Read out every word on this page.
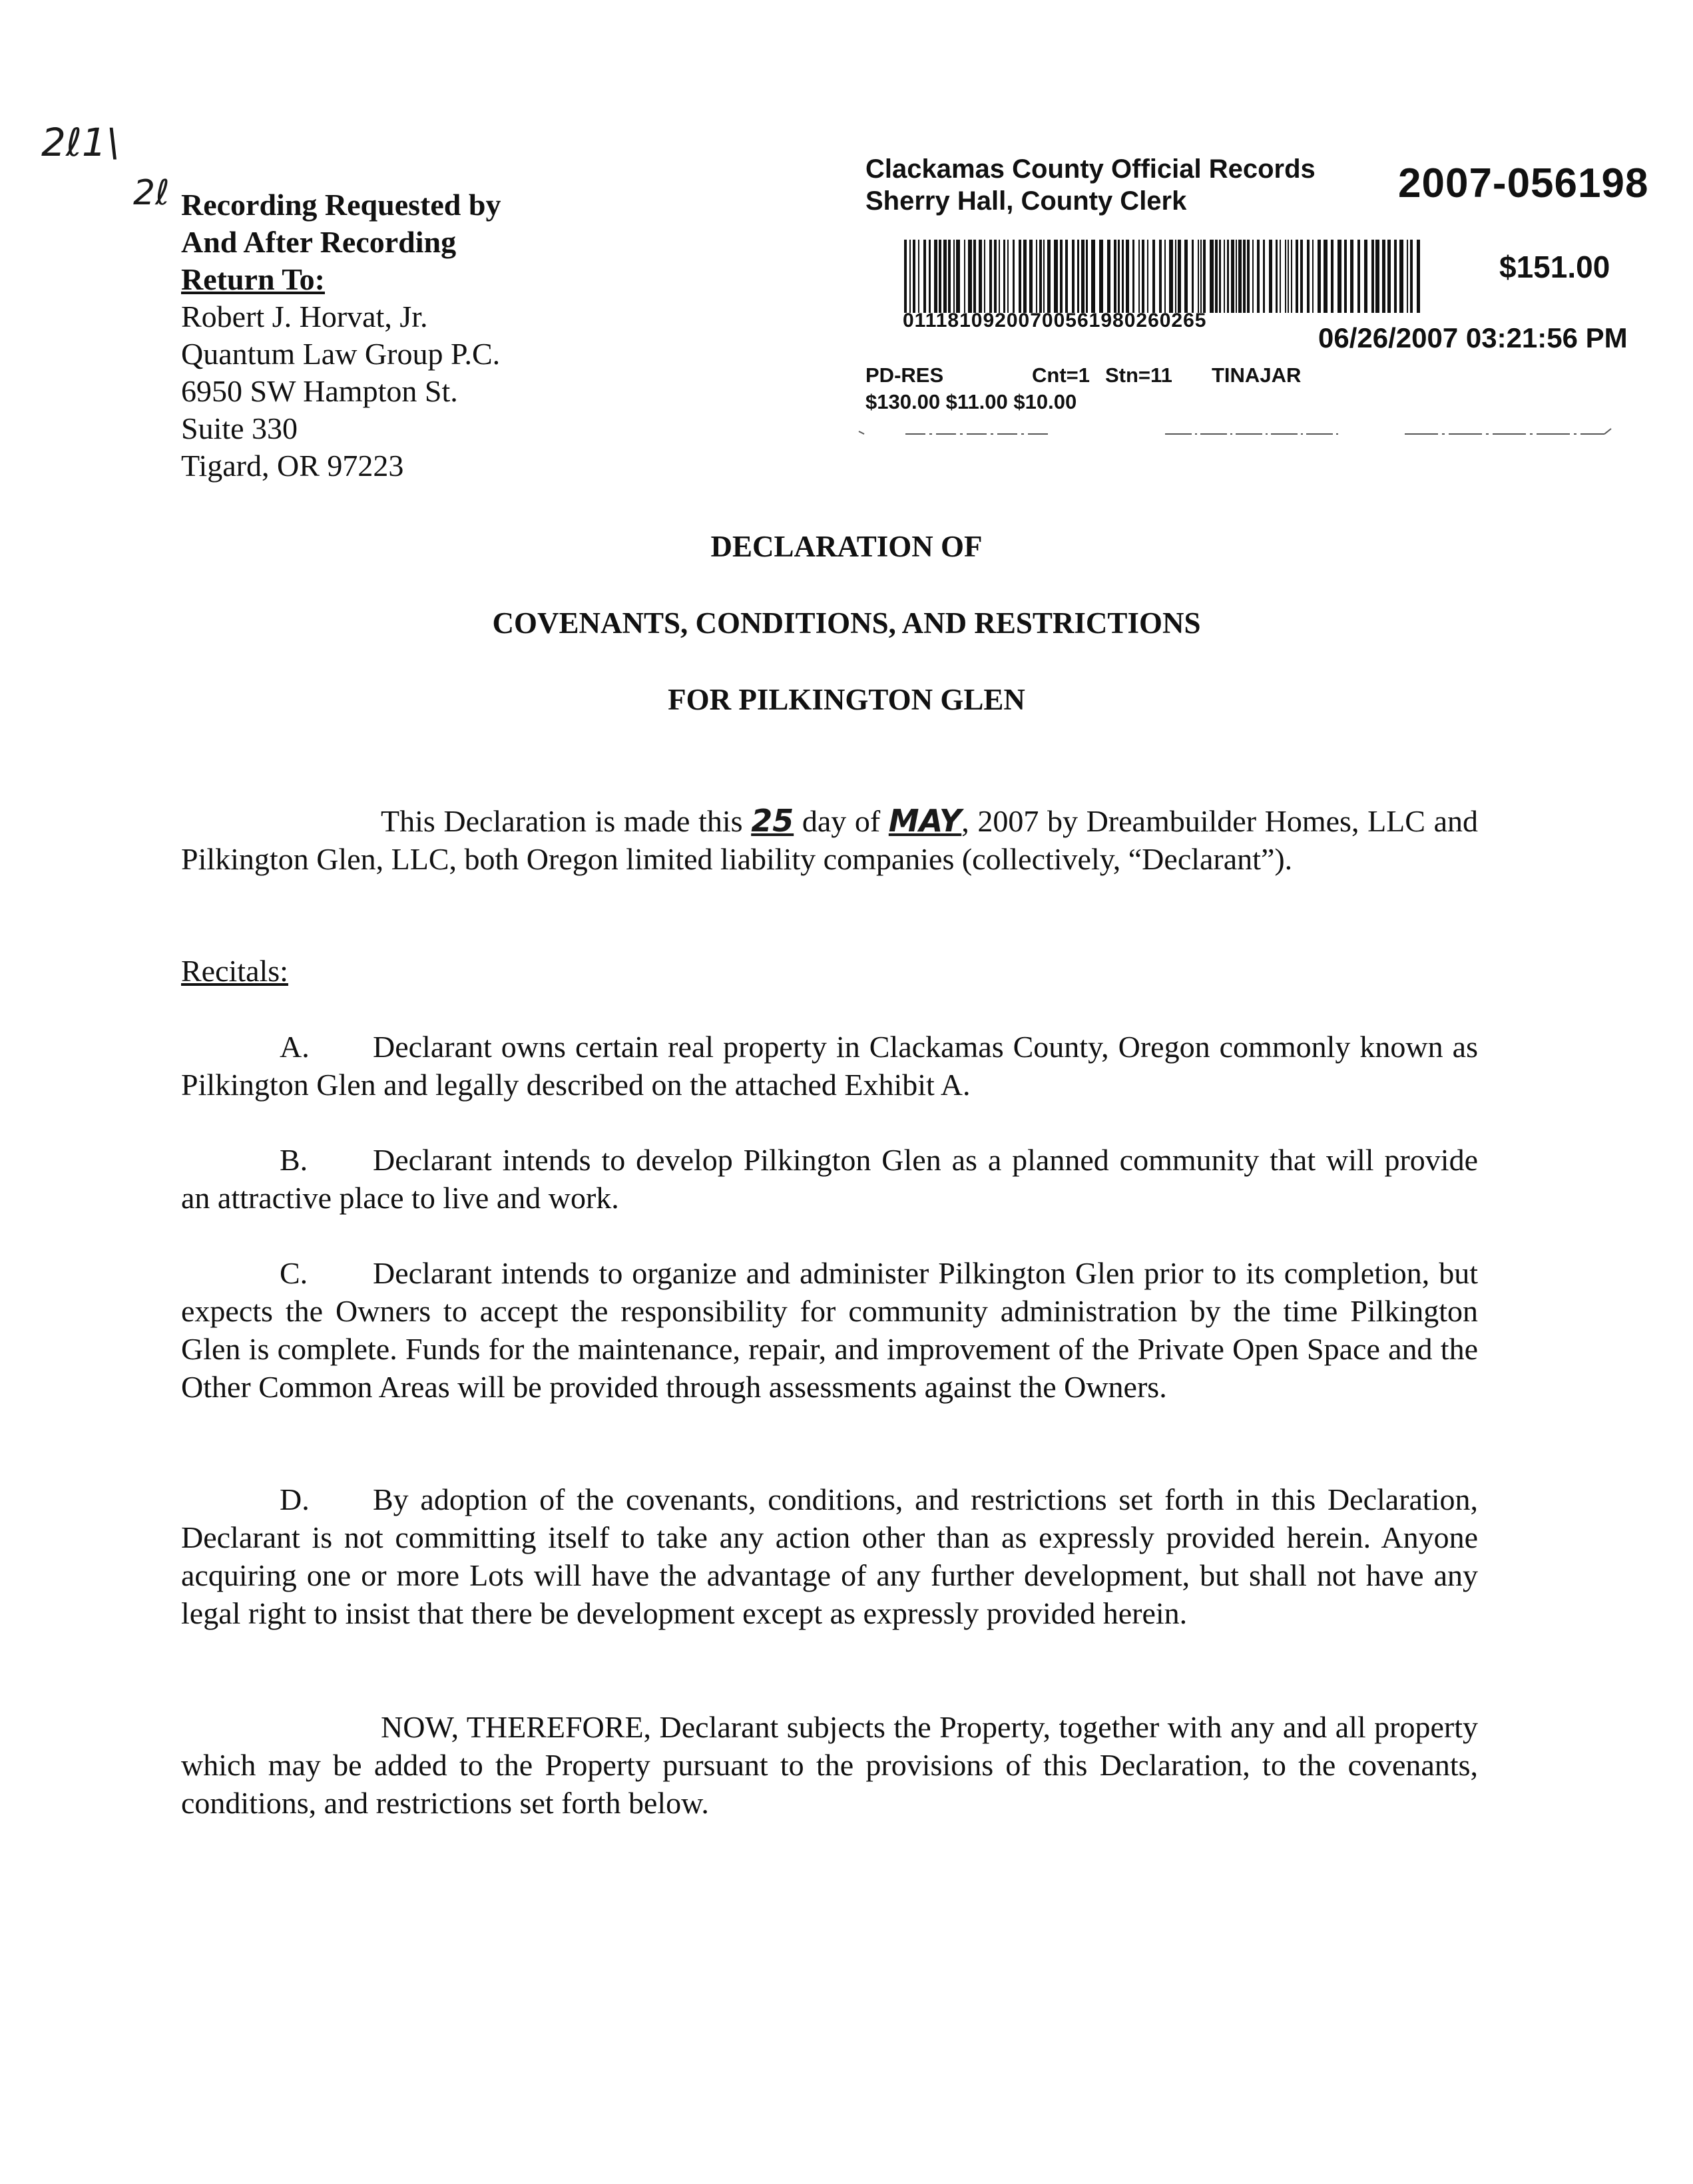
2ℓ1\
2ℓ Recording Requested by
And After Recording
Return To:
Robert J. Horvat, Jr.
Quantum Law Group P.C.
6950 SW Hampton St.
Suite 330
Tigard, OR 97223
Clackamas County Official Records
Sherry Hall, County Clerk	2007-056198
$151.00
01118109200700561980260265
06/26/2007 03:21:56 PM
PD-RES	Cnt=1 Stn=11 TINAJAR
$130.00 $11.00 $10.00
DECLARATION OF
COVENANTS, CONDITIONS, AND RESTRICTIONS
FOR PILKINGTON GLEN
This Declaration is made this 25 day of MAY, 2007 by Dreambuilder Homes, LLC and Pilkington Glen, LLC, both Oregon limited liability companies (collectively, “Declarant”).
Recitals:
A. Declarant owns certain real property in Clackamas County, Oregon commonly known as Pilkington Glen and legally described on the attached Exhibit A.
B. Declarant intends to develop Pilkington Glen as a planned community that will provide an attractive place to live and work.
C. Declarant intends to organize and administer Pilkington Glen prior to its completion, but expects the Owners to accept the responsibility for community administration by the time Pilkington Glen is complete. Funds for the maintenance, repair, and improvement of the Private Open Space and the Other Common Areas will be provided through assessments against the Owners.
D. By adoption of the covenants, conditions, and restrictions set forth in this Declaration, Declarant is not committing itself to take any action other than as expressly provided herein. Anyone acquiring one or more Lots will have the advantage of any further development, but shall not have any legal right to insist that there be development except as expressly provided herein.
NOW, THEREFORE, Declarant subjects the Property, together with any and all property which may be added to the Property pursuant to the provisions of this Declaration, to the covenants, conditions, and restrictions set forth below.
